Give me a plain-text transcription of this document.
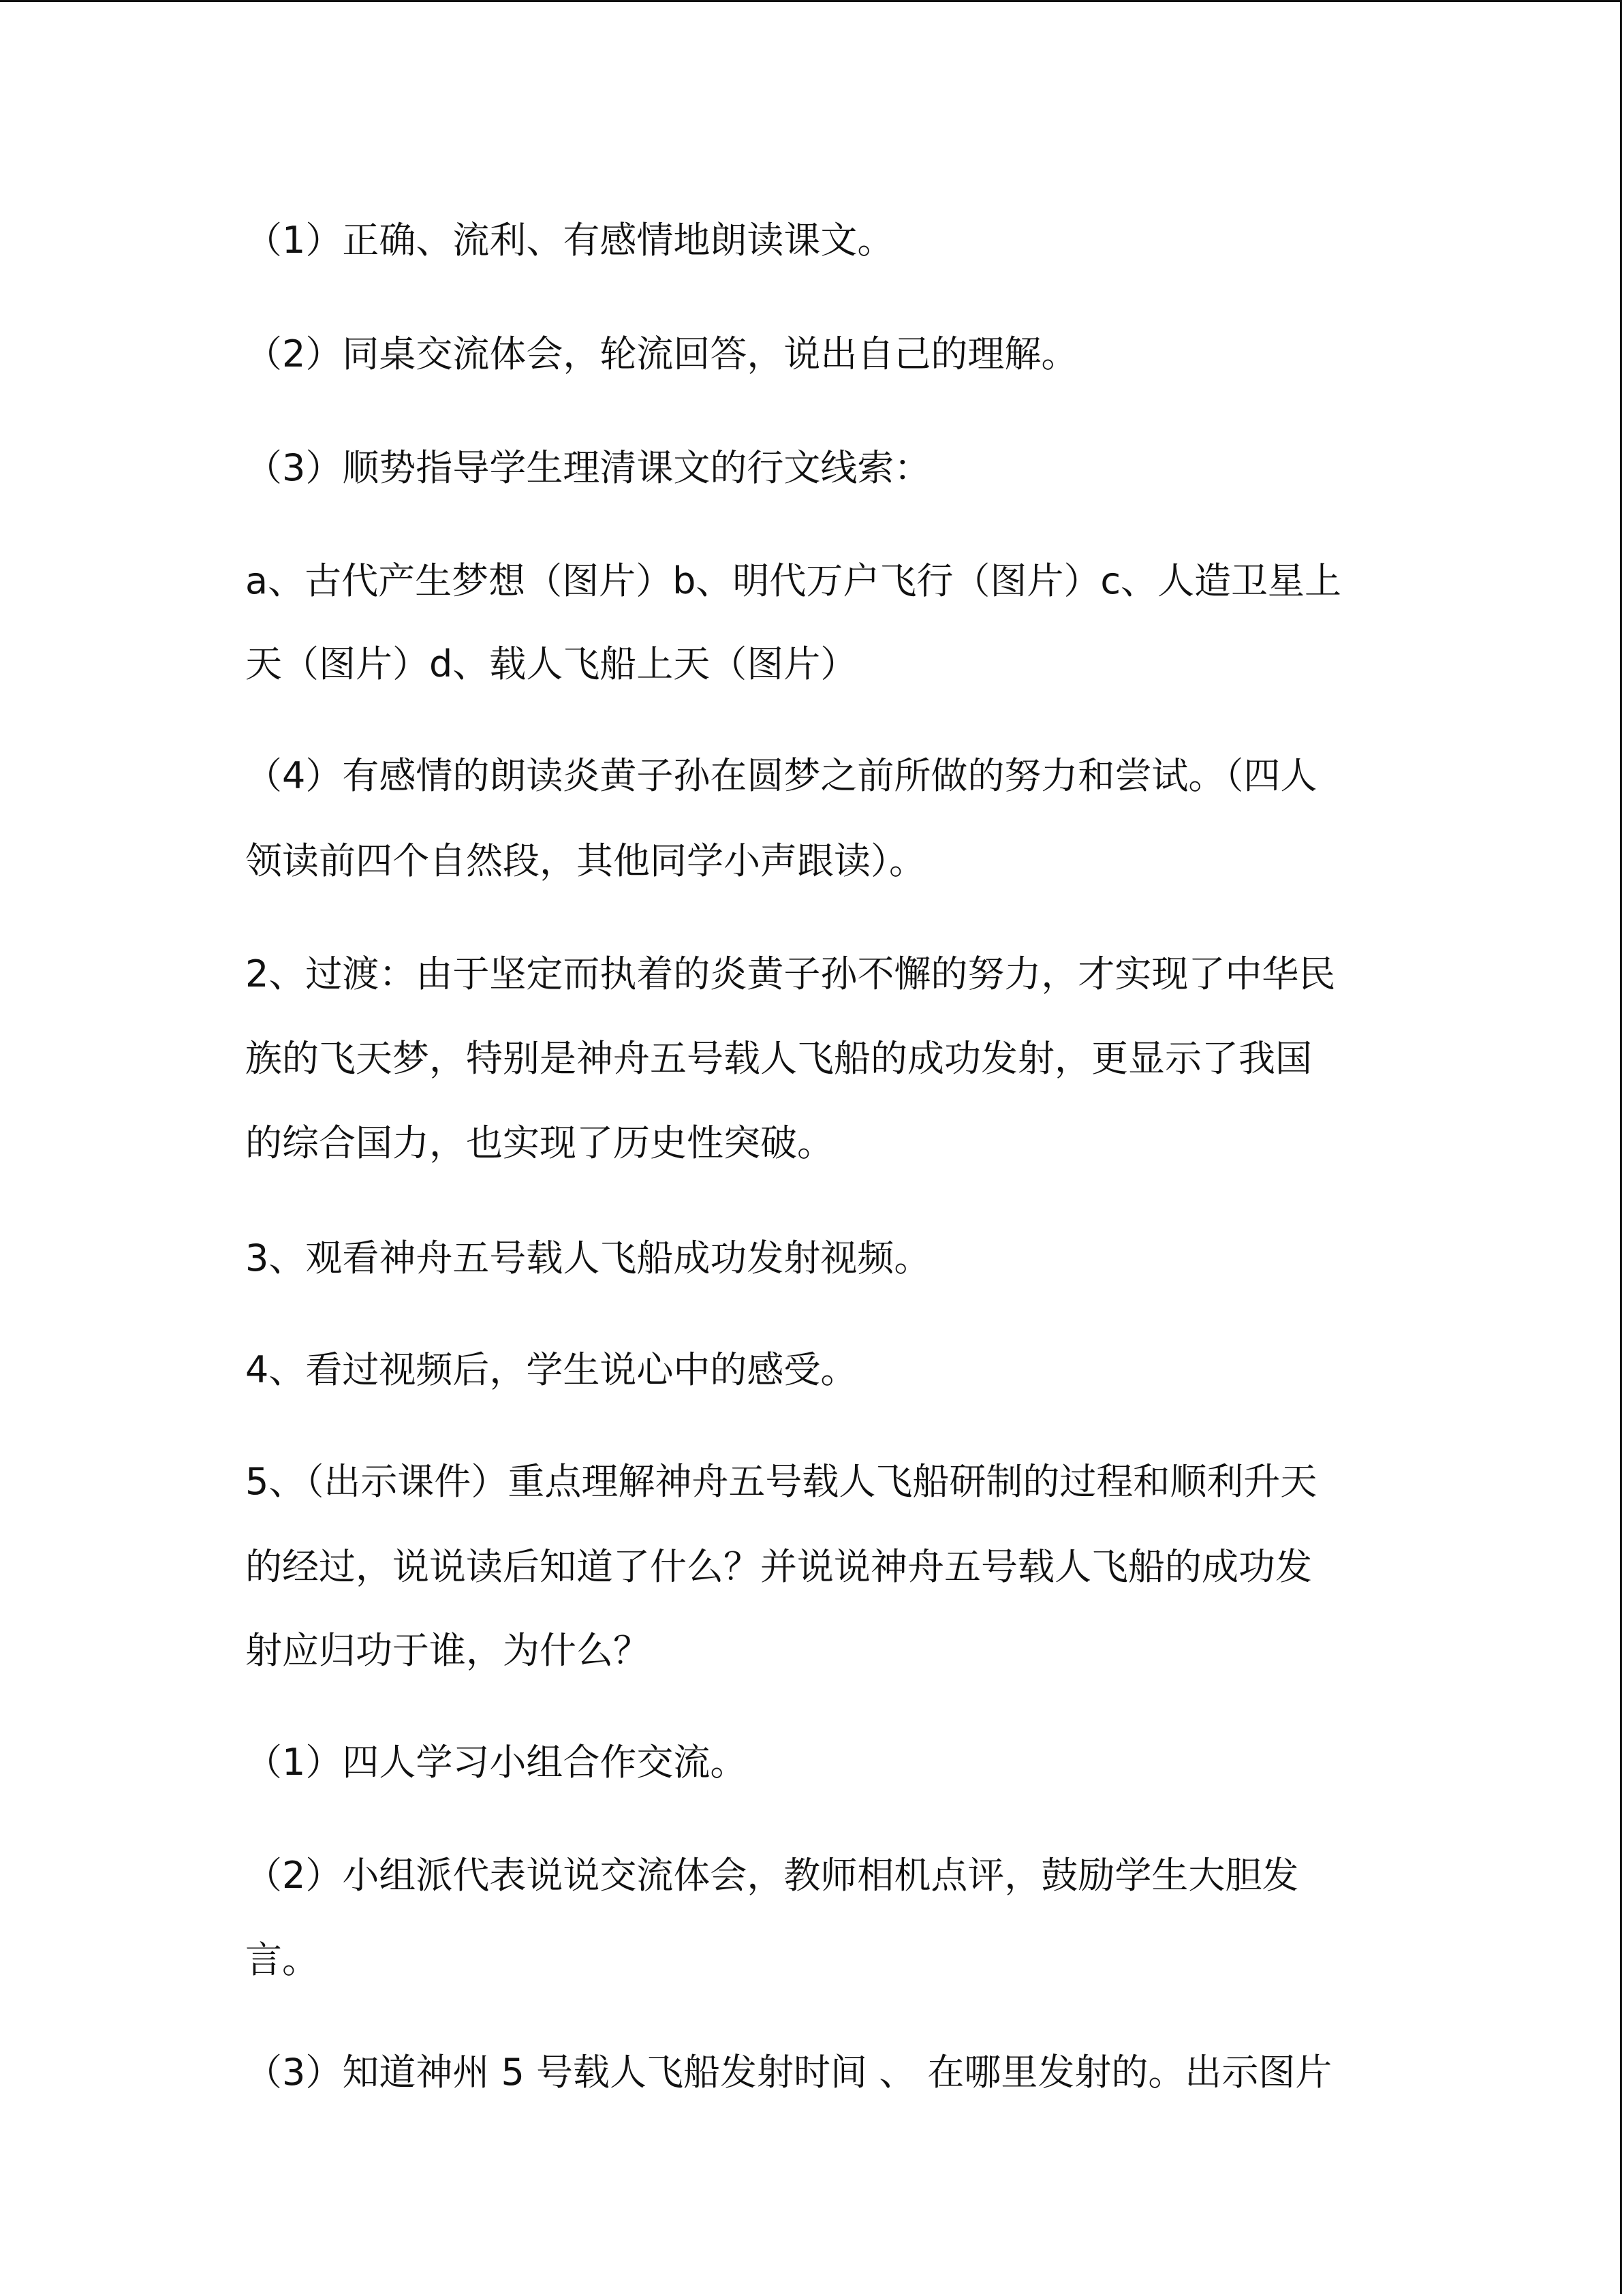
（1）正确、流利、有感情地朗读课文。
（2）同桌交流体会，轮流回答，说出自己的理解。
（3）顺势指导学生理清课文的行文线索：
a、古代产生梦想（图片）b、明代万户飞行（图片）c、人造卫星上
天（图片）d、载人飞船上天（图片）
（4）有感情的朗读炎黄子孙在圆梦之前所做的努力和尝试。（四人
领读前四个自然段，其他同学小声跟读）。
2、过渡：由于坚定而执着的炎黄子孙不懈的努力，才实现了中华民
族的飞天梦，特别是神舟五号载人飞船的成功发射，更显示了我国
的综合国力，也实现了历史性突破。
3、观看神舟五号载人飞船成功发射视频。
4、看过视频后，学生说心中的感受。
5、（出示课件）重点理解神舟五号载人飞船研制的过程和顺利升天
的经过，说说读后知道了什么？并说说神舟五号载人飞船的成功发
射应归功于谁，为什么？
（1）四人学习小组合作交流。
（2）小组派代表说说交流体会，教师相机点评，鼓励学生大胆发
言。
（3）知道神州 5 号载人飞船发射时间 、 在哪里发射的。出示图片
